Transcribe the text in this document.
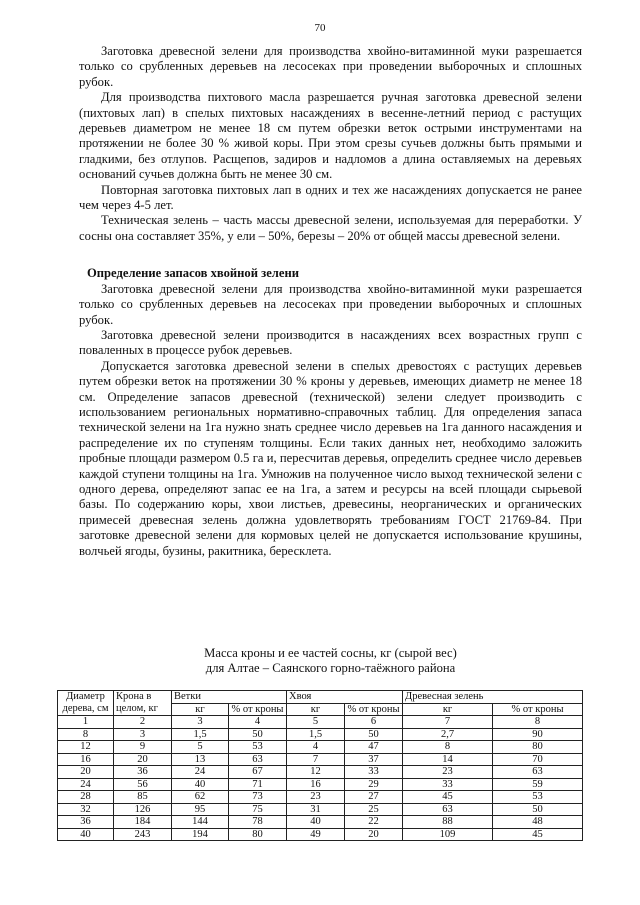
70

Заготовка древесной зелени для производства хвойно-витаминной муки разрешается только со срубленных деревьев на лесосеках при проведении выборочных и сплошных рубок.

Для производства пихтового масла разрешается ручная заготовка древесной зелени (пихтовых лап) в спелых пихтовых насаждениях в весенне-летний период с растущих деревьев диаметром не менее 18 см путем обрезки веток острыми инструментами на протяжении не более 30 % живой коры. При этом срезы сучьев должны быть прямыми и гладкими, без отлупов. Расщепов, задиров и надломов а длина оставляемых на деревьях оснований сучьев должна быть не менее 30 см.

Повторная заготовка пихтовых лап в одних и тех же насаждениях допускается не ранее чем через 4-5 лет.

Техническая зелень – часть массы древесной зелени, используемая для переработки. У сосны она составляет 35%, у ели – 50%, березы – 20% от общей массы древесной зелени.

Определение запасов хвойной зелени

Заготовка древесной зелени для производства хвойно-витаминной муки разрешается только со срубленных деревьев на лесосеках при проведении выборочных и сплошных рубок.

Заготовка древесной зелени производится в насаждениях всех возрастных групп с поваленных в процессе рубок деревьев.

Допускается заготовка древесной зелени в спелых древостоях с растущих деревьев путем обрезки веток на протяжении 30 % кроны у деревьев, имеющих диаметр не менее 18 см. Определение запасов древесной (технической) зелени следует производить с использованием региональных нормативно-справочных таблиц. Для определения запаса технической зелени на 1га нужно знать среднее число деревьев на 1га данного насаждения и распределение их по ступеням толщины. Если таких данных нет, необходимо заложить пробные площади размером 0.5 га и, пересчитав деревья, определить среднее число деревьев каждой ступени толщины на 1га. Умножив на полученное число выход технической зелени с одного дерева, определяют запас ее на 1га, а затем и ресурсы на всей площади сырьевой базы. По содержанию коры, хвои листьев, древесины, неорганических и органических примесей древесная зелень должна удовлетворять требованиям ГОСТ 21769-84. При заготовке древесной зелени для кормовых целей не допускается использование крушины, волчьей ягоды, бузины, ракитника, бересклета.

Масса кроны и ее частей сосны, кг (сырой вес)
для Алтае – Саянского горно-таёжного района
Диаметр дерева, см	Крона в целом, кг	Ветки		Хвоя		Древесная зелень	
		кг	% от кроны	кг	% от кроны	кг	% от кроны
1	2	3	4	5	6	7	8
8	3	1,5	50	1,5	50	2,7	90
12	9	5	53	4	47	8	80
16	20	13	63	7	37	14	70
20	36	24	67	12	33	23	63
24	56	40	71	16	29	33	59
28	85	62	73	23	27	45	53
32	126	95	75	31	25	63	50
36	184	144	78	40	22	88	48
40	243	194	80	49	20	109	45
